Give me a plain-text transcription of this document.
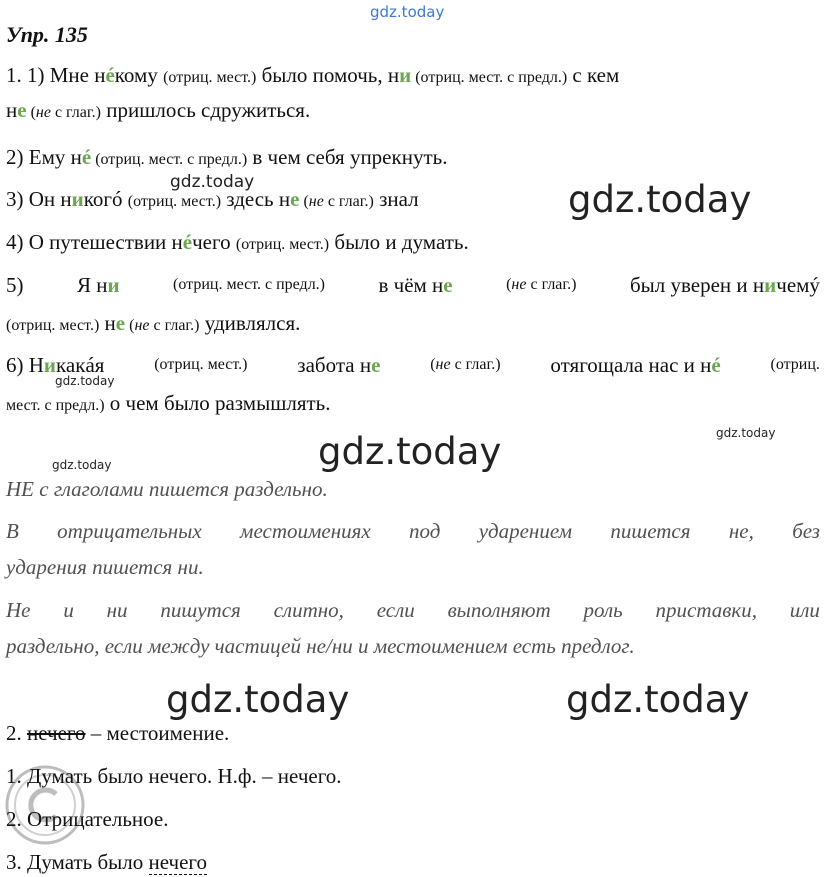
gdz.today
gdz.today	gdz.today
gdz.today
gdz.today	gdz.today
gdz.today
gdz.today	gdz.today
Упр. 135
1. 1) Мне нéкому (отриц. мест.) было помочь, ни (отриц. мест. с предл.) с кем
не (не с глаг.) пришлось сдружиться.
2) Ему нé (отриц. мест. с предл.) в чем себя упрекнуть.
3) Он никогó (отриц. мест.) здесь не (не с глаг.) знал
4) О путешествии нéчего (отриц. мест.) было и думать.
5)	Я ни	(отриц. мест. с предл.)	в чём не	(не с глаг.)	был уверен и ничемý
(отриц. мест.) не (не с глаг.) удивлялся.
6) Никакáя	(отриц. мест.) забота не	(не с глаг.) отягощала нас и нé	(отриц.
мест. с предл.) о чем было размышлять.
НЕ с глаголами пишется раздельно.
В отрицательных местоимениях под ударением пишется не, без
ударения пишется ни.
Не и ни пишутся слитно, если выполняют роль приставки, или
раздельно, если между частицей не/ни и местоимением есть предлог.
2. нечего – местоимение.
1. Думать было нечего. Н.ф. – нечего.
2. Отрицательное.
3. Думать было нечего
